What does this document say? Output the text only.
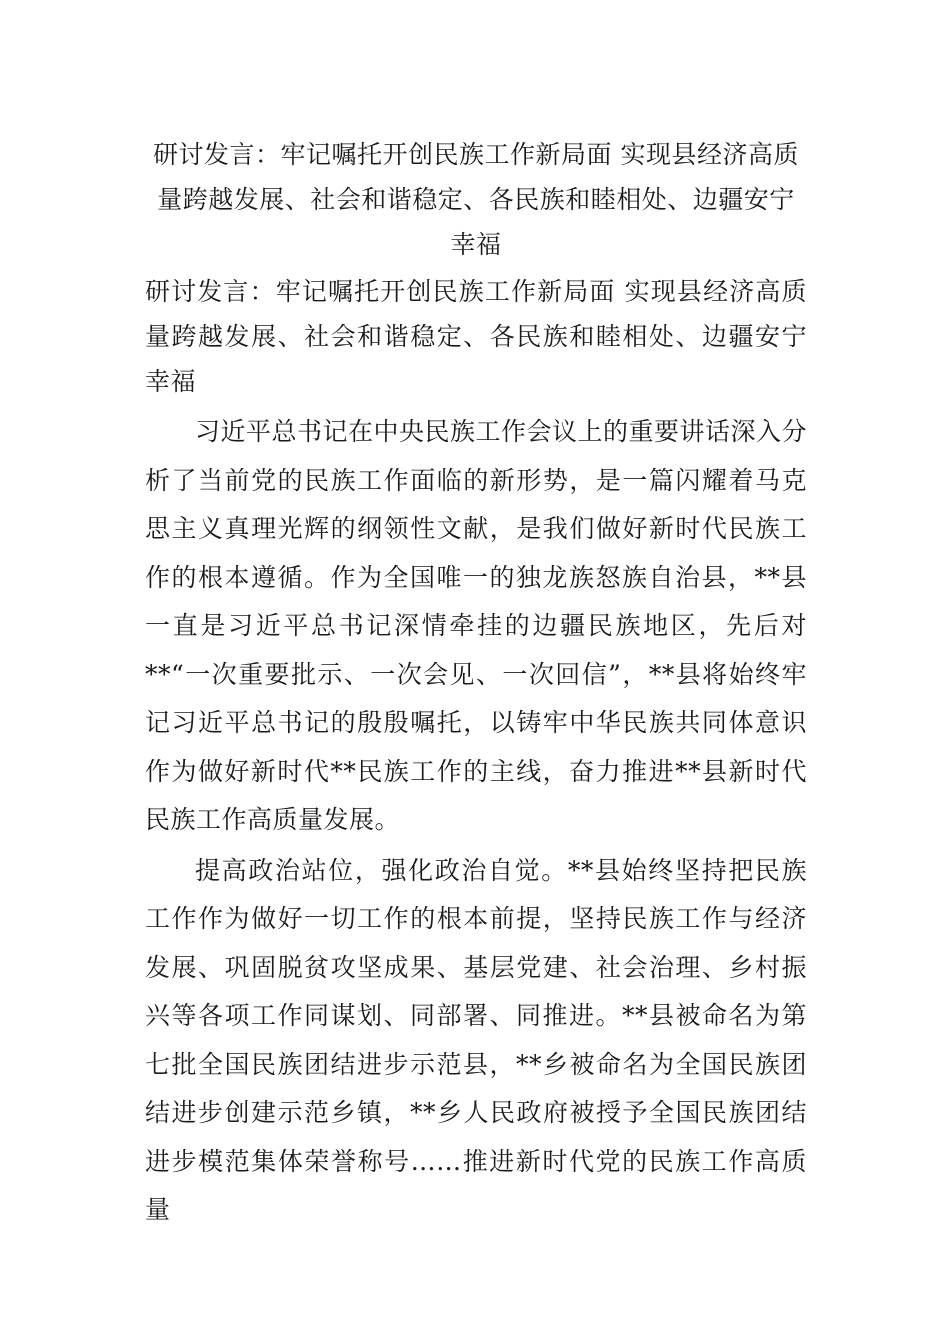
研讨发言：牢记嘱托开创民族工作新局面 实现县经济高质量跨越发展、社会和谐稳定、各民族和睦相处、边疆安宁幸福

研讨发言：牢记嘱托开创民族工作新局面 实现县经济高质量跨越发展、社会和谐稳定、各民族和睦相处、边疆安宁幸福

习近平总书记在中央民族工作会议上的重要讲话深入分析了当前党的民族工作面临的新形势，是一篇闪耀着马克思主义真理光辉的纲领性文献，是我们做好新时代民族工作的根本遵循。作为全国唯一的独龙族怒族自治县，**县一直是习近平总书记深情牵挂的边疆民族地区，先后对**“一次重要批示、一次会见、一次回信”，**县将始终牢记习近平总书记的殷殷嘱托，以铸牢中华民族共同体意识作为做好新时代**民族工作的主线，奋力推进**县新时代民族工作高质量发展。

提高政治站位，强化政治自觉。**县始终坚持把民族工作作为做好一切工作的根本前提，坚持民族工作与经济发展、巩固脱贫攻坚成果、基层党建、社会治理、乡村振兴等各项工作同谋划、同部署、同推进。**县被命名为第七批全国民族团结进步示范县，**乡被命名为全国民族团结进步创建示范乡镇，**乡人民政府被授予全国民族团结进步模范集体荣誉称号……推进新时代党的民族工作高质量
